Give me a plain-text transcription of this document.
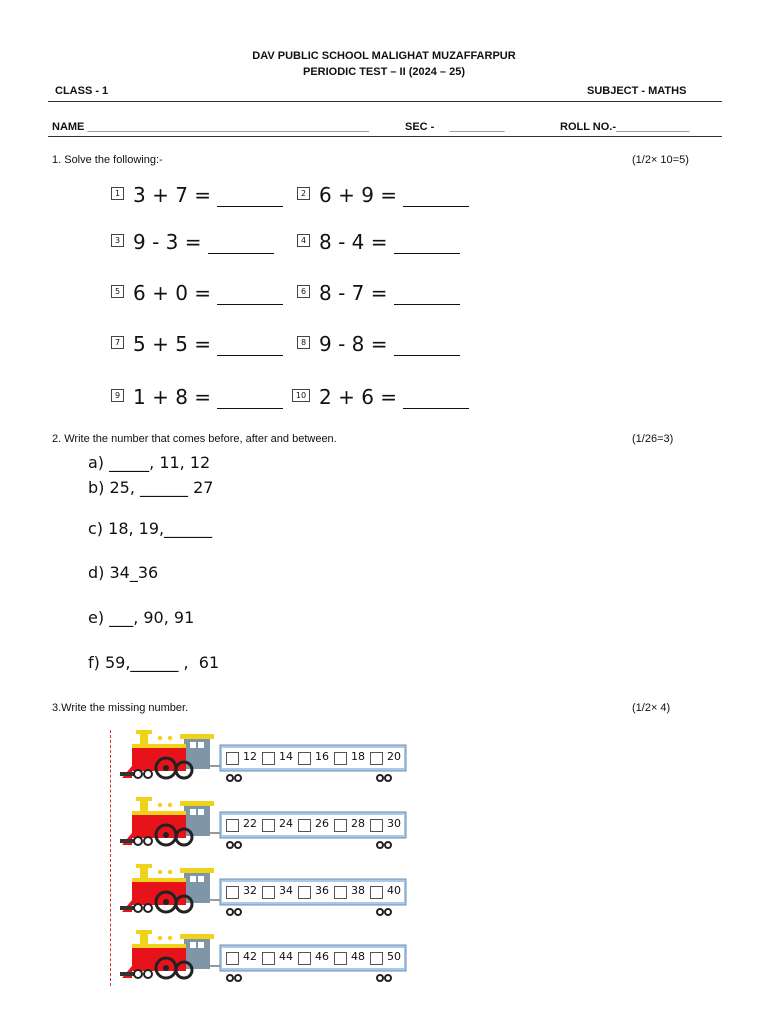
DAV PUBLIC SCHOOL MALIGHAT MUZAFFARPUR
PERIODIC TEST – II (2024 – 25)
CLASS - 1	SUBJECT - MATHS
NAME ______________________________________________	SEC -     _________	ROLL NO.-____________
1. Solve the following:-	(1/2× 10=5)
1 3 + 7 =	2 6 + 9 =
3 9 - 3 =	4 8 - 4 =
5 6 + 0 =	6 8 - 7 =
7 5 + 5 =	8 9 - 8 =
9 1 + 8 =	10 2 + 6 =
2. Write the number that comes before, after and between.	(1/26=3)
a) _____, 11, 12
b) 25, ______ 27
c) 18, 19,______
d) 34_36
e) ___, 90, 91
f) 59,______ ,  61
3.Write the missing number.	(1/2× 4)
12	14	16	18	20
22	24	26	28	30
32	34	36	38	40
42	44	46	48	50
